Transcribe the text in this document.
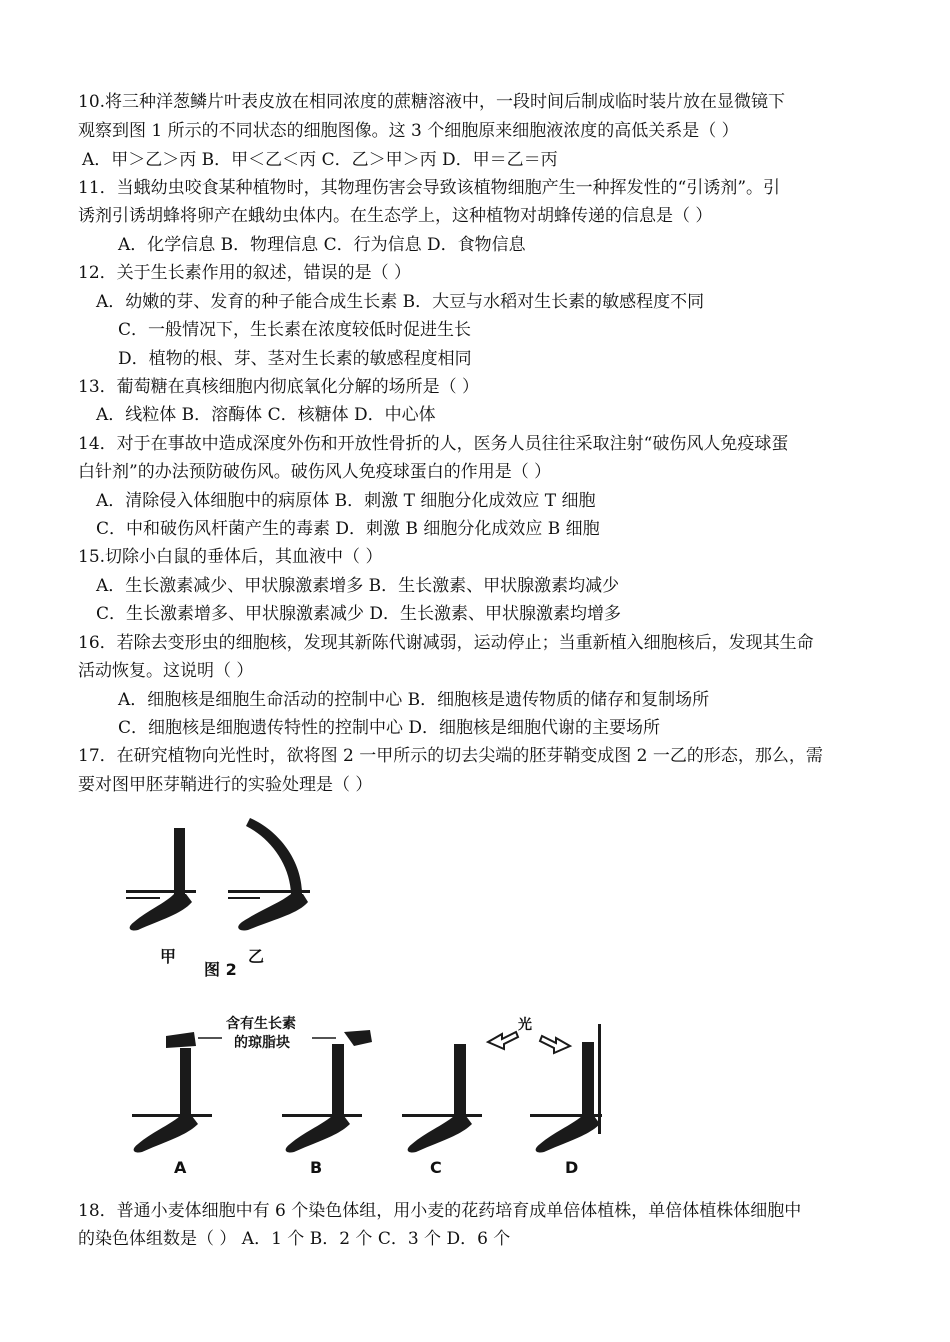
10.将三种洋葱鳞片叶表皮放在相同浓度的蔗糖溶液中，一段时间后制成临时装片放在显微镜下
观察到图 1 所示的不同状态的细胞图像。这 3 个细胞原来细胞液浓度的高低关系是（ ）
A．甲＞乙＞丙 B．甲＜乙＜丙 C．乙＞甲＞丙 D．甲＝乙＝丙
11．当蛾幼虫咬食某种植物时，其物理伤害会导致该植物细胞产生一种挥发性的“引诱剂”。引
诱剂引诱胡蜂将卵产在蛾幼虫体内。在生态学上，这种植物对胡蜂传递的信息是（ ）
A．化学信息 B．物理信息 C．行为信息 D．食物信息
12．关于生长素作用的叙述，错误的是（ ）
A．幼嫩的芽、发育的种子能合成生长素 B．大豆与水稻对生长素的敏感程度不同
C．一般情况下，生长素在浓度较低时促进生长
D．植物的根、芽、茎对生长素的敏感程度相同
13．葡萄糖在真核细胞内彻底氧化分解的场所是（ ）
A．线粒体 B．溶酶体 C．核糖体 D．中心体
14．对于在事故中造成深度外伤和开放性骨折的人，医务人员往往采取注射“破伤风人免疫球蛋
白针剂”的办法预防破伤风。破伤风人免疫球蛋白的作用是（ ）
A．清除侵入体细胞中的病原体 B．刺激 T 细胞分化成效应 T 细胞
C．中和破伤风杆菌产生的毒素 D．刺激 B 细胞分化成效应 B 细胞
15.切除小白鼠的垂体后，其血液中（ ）
A．生长激素减少、甲状腺激素增多 B．生长激素、甲状腺激素均减少
C．生长激素增多、甲状腺激素减少 D．生长激素、甲状腺激素均增多
16．若除去变形虫的细胞核，发现其新陈代谢减弱，运动停止；当重新植入细胞核后，发现其生命
活动恢复。这说明（ ）
A．细胞核是细胞生命活动的控制中心 B．细胞核是遗传物质的储存和复制场所
C．细胞核是细胞遗传特性的控制中心 D．细胞核是细胞代谢的主要场所
17．在研究植物向光性时，欲将图 2 一甲所示的切去尖端的胚芽鞘变成图 2 一乙的形态，那么，需
要对图甲胚芽鞘进行的实验处理是（ ）
甲	乙
图 2
含有生长素
的琼脂块
光
A	B	C	D
18．普通小麦体细胞中有 6 个染色体组，用小麦的花药培育成单倍体植株，单倍体植株体细胞中
的染色体组数是（ ） A．1 个 B．2 个 C．3 个 D．6 个
